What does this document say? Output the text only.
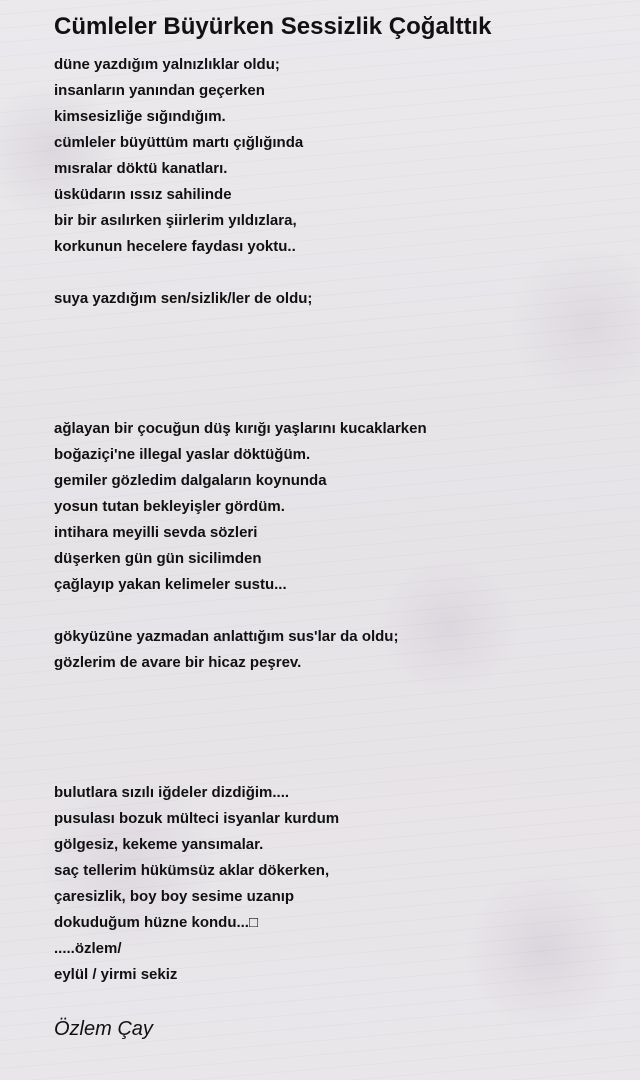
Cümleler Büyürken Sessizlik Çoğalttık
düne yazdığım yalnızlıklar oldu;
insanların yanından geçerken
kimsesizliğe sığındığım.
cümleler büyüttüm martı çığlığında
mısralar döktü kanatları.
üsküdarın ıssız sahilinde
bir bir asılırken şiirlerim yıldızlara,
korkunun hecelere faydası yoktu..
suya yazdığım sen/sizlik/ler de oldu;
ağlayan bir çocuğun düş kırığı yaşlarını kucaklarken
boğaziçi'ne illegal yaslar döktüğüm.
gemiler gözledim dalgaların koynunda
yosun tutan bekleyişler gördüm.
intihara meyilli sevda sözleri
düşerken gün gün sicilimden
çağlayıp yakan kelimeler sustu...
gökyüzüne yazmadan anlattığım sus'lar da oldu;
gözlerim de avare bir hicaz peşrev.
bulutlara sızılı iğdeler dizdiğim....
pusulası bozuk mülteci isyanlar kurdum
gölgesiz, kekeme yansımalar.
saç tellerim hükümsüz aklar dökerken,
çaresizlik, boy boy sesime uzanıp
dokuduğum hüzne kondu...□
.....özlem/
eylül / yirmi sekiz
Özlem Çay
